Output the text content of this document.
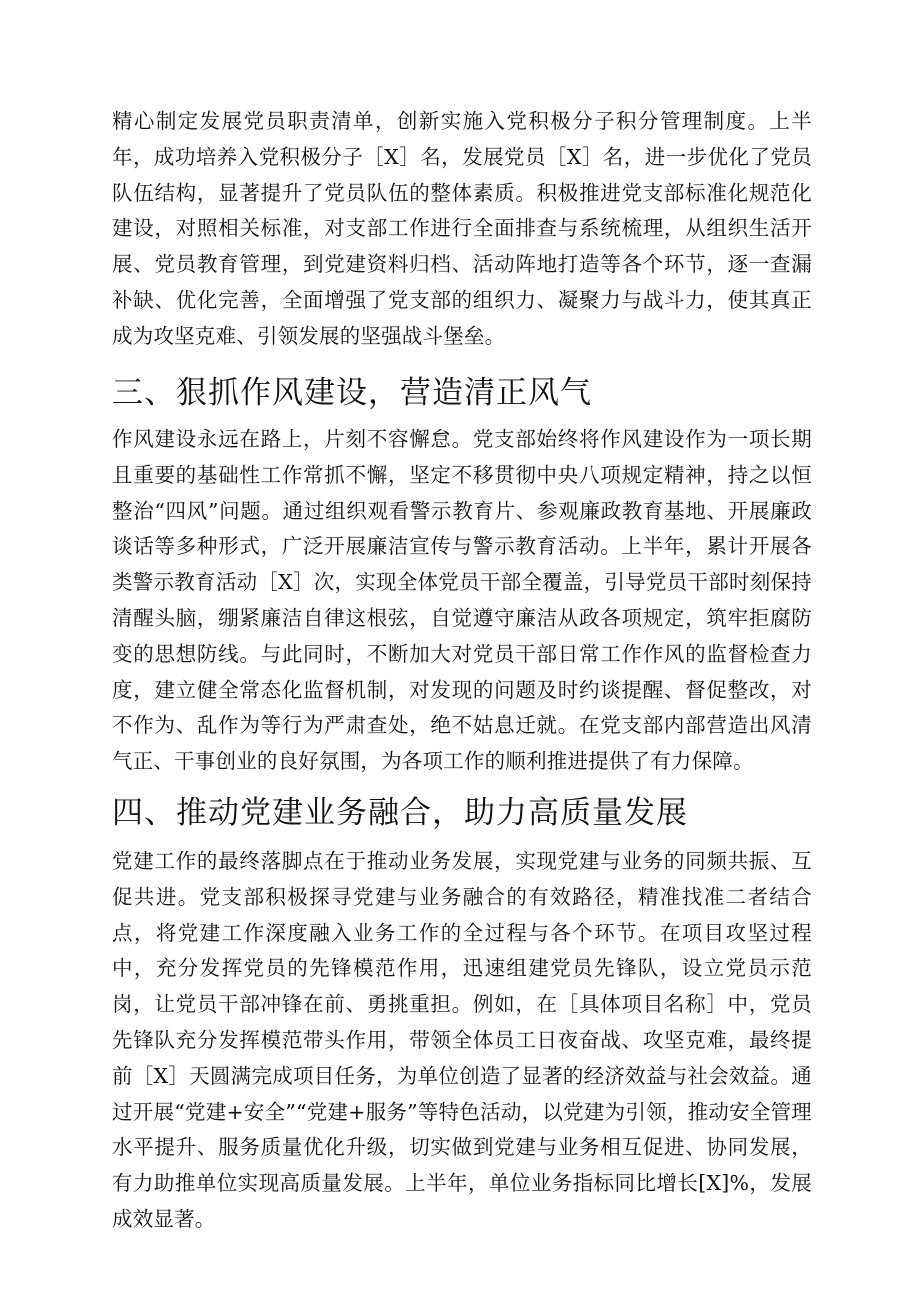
精心制定发展党员职责清单，创新实施入党积极分子积分管理制度。上半年，成功培养入党积极分子［X］名，发展党员［X］名，进一步优化了党员队伍结构，显著提升了党员队伍的整体素质。积极推进党支部标准化规范化建设，对照相关标准，对支部工作进行全面排查与系统梳理，从组织生活开展、党员教育管理，到党建资料归档、活动阵地打造等各个环节，逐一查漏补缺、优化完善，全面增强了党支部的组织力、凝聚力与战斗力，使其真正成为攻坚克难、引领发展的坚强战斗堡垒。

三、狠抓作风建设，营造清正风气

作风建设永远在路上，片刻不容懈怠。党支部始终将作风建设作为一项长期且重要的基础性工作常抓不懈，坚定不移贯彻中央八项规定精神，持之以恒整治“四风”问题。通过组织观看警示教育片、参观廉政教育基地、开展廉政谈话等多种形式，广泛开展廉洁宣传与警示教育活动。上半年，累计开展各类警示教育活动［X］次，实现全体党员干部全覆盖，引导党员干部时刻保持清醒头脑，绷紧廉洁自律这根弦，自觉遵守廉洁从政各项规定，筑牢拒腐防变的思想防线。与此同时，不断加大对党员干部日常工作作风的监督检查力度，建立健全常态化监督机制，对发现的问题及时约谈提醒、督促整改，对不作为、乱作为等行为严肃查处，绝不姑息迁就。在党支部内部营造出风清气正、干事创业的良好氛围，为各项工作的顺利推进提供了有力保障。

四、推动党建业务融合，助力高质量发展

党建工作的最终落脚点在于推动业务发展，实现党建与业务的同频共振、互促共进。党支部积极探寻党建与业务融合的有效路径，精准找准二者结合点，将党建工作深度融入业务工作的全过程与各个环节。在项目攻坚过程中，充分发挥党员的先锋模范作用，迅速组建党员先锋队，设立党员示范岗，让党员干部冲锋在前、勇挑重担。例如，在［具体项目名称］中，党员先锋队充分发挥模范带头作用，带领全体员工日夜奋战、攻坚克难，最终提前［X］天圆满完成项目任务，为单位创造了显著的经济效益与社会效益。通过开展“党建+安全”“党建+服务”等特色活动，以党建为引领，推动安全管理水平提升、服务质量优化升级，切实做到党建与业务相互促进、协同发展，有力助推单位实现高质量发展。上半年，单位业务指标同比增长[X]%，发展成效显著。
